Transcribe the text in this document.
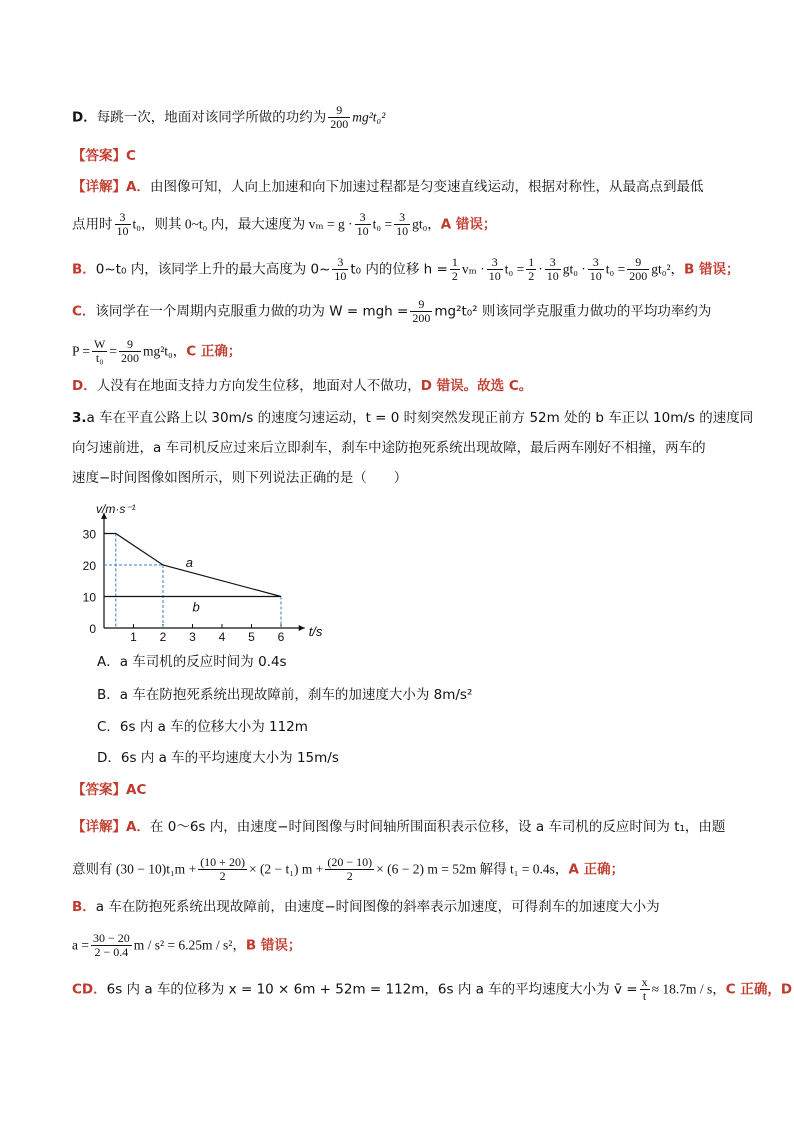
D．每跳一次，地面对该同学所做的功约为 $\frac{9}{200} mg^2t_0^2$
【答案】C
【详解】A．由图像可知，人向上加速和向下加速过程都是匀变速直线运动，根据对称性，从最高点到最低
点用时 $\frac{3}{10} t_0$，则其 0~t₀ 内，最大速度为 $v_m = g \cdot \frac{3}{10} t_0 = \frac{3}{10} gt_0$，A 错误；
B．0~t₀ 内，该同学上升的最大高度为 0~ $\frac{3}{10} t_0$ 内的位移 $h = \frac{1}{2}$ $v_m \cdot \frac{3}{10} t_0 = \frac{1}{2} \cdot \frac{3}{10} gt_0 \cdot \frac{3}{10} t_0 = \frac{9}{200} gt_0^2$，B 错误；
C．该同学在一个周期内克服重力做的功为 W = mgh = $\frac{9}{200} mg^2t_0^2$ 则该同学克服重力做功的平均功率约为
$P = \frac{W}{\text{t₀}} = \frac{9}{200} mg^2t_0$，C 正确；
D．人没有在地面支持力方向发生位移，地面对人不做功，D 错误。故选 C。
3.a 车在平直公路上以 30m/s 的速度匀速运动，t = 0 时刻突然发现正前方 52m 处的 b 车正以 10m/s 的速度同
向匀速前进，a 车司机反应过来后立即刹车，刹车中途防抱死系统出现故障，最后两车刚好不相撞，两车的
速度−时间图像如图所示，则下列说法正确的是（　　）
t/s
v/m·s⁻¹
1 2 3 4 5 6
0
10
20
30
a
b
A．a 车司机的反应时间为 0.4s
B．a 车在防抱死系统出现故障前，刹车的加速度大小为 8m/s²
C．6s 内 a 车的位移大小为 112m
D．6s 内 a 车的平均速度大小为 15m/s
【答案】AC
【详解】A．在 0～6s 内，由速度−时间图像与时间轴所围面积表示位移，设 a 车司机的反应时间为 t₁，由题
意则有 $(30 - 10)t_1m + \frac{(10 + 20)}{2} \times (2 - t_1) m + \frac{(20 - 10)}{2} \times (6 - 2) m = 52m$ 解得 t₁ = 0.4s，A 正确；
B．a 车在防抱死系统出现故障前，由速度−时间图像的斜率表示加速度，可得刹车的加速度大小为
$a = \frac{30 - 20}{2 - 0.4}$ m / s² = 6.25m / s²，B 错误；
CD．6s 内 a 车的位移为 x = 10 × 6m + 52m = 112m，6s 内 a 车的平均速度大小为 v̄ = $\frac{x}{t} \approx 18.7m / s$，C 正确，D
